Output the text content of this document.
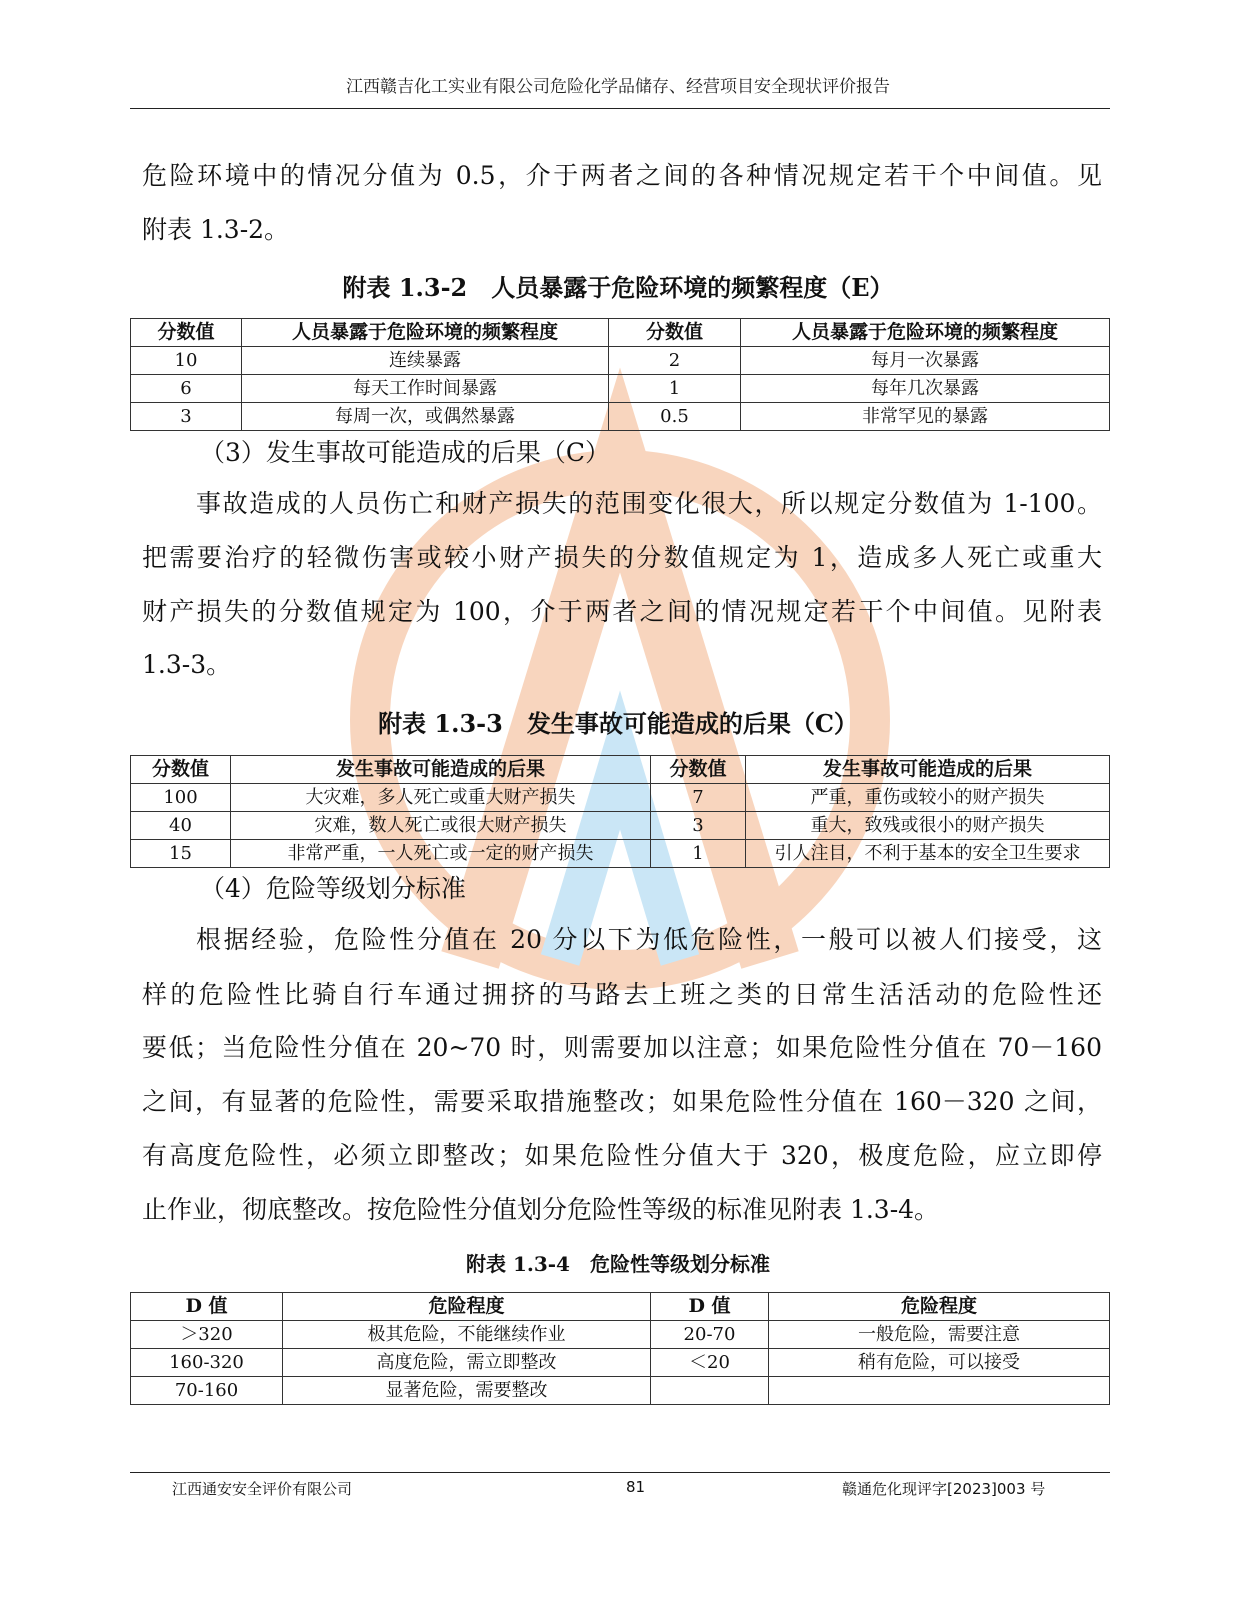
江西赣吉化工实业有限公司危险化学品储存、经营项目安全现状评价报告
危险环境中的情况分值为 0.5，介于两者之间的各种情况规定若干个中间值。见
附表 1.3-2。
附表 1.3-2　人员暴露于危险环境的频繁程度（E）
分数值	人员暴露于危险环境的频繁程度	分数值	人员暴露于危险环境的频繁程度
10	连续暴露	2	每月一次暴露
6	每天工作时间暴露	1	每年几次暴露
3	每周一次，或偶然暴露	0.5	非常罕见的暴露
（3）发生事故可能造成的后果（C）
事故造成的人员伤亡和财产损失的范围变化很大，所以规定分数值为 1-100。
把需要治疗的轻微伤害或较小财产损失的分数值规定为 1，造成多人死亡或重大
财产损失的分数值规定为 100，介于两者之间的情况规定若干个中间值。见附表
1.3-3。
附表 1.3-3　发生事故可能造成的后果（C）
分数值	发生事故可能造成的后果	分数值	发生事故可能造成的后果
100	大灾难，多人死亡或重大财产损失	7	严重，重伤或较小的财产损失
40	灾难，数人死亡或很大财产损失	3	重大，致残或很小的财产损失
15	非常严重，一人死亡或一定的财产损失	1	引人注目，不利于基本的安全卫生要求
（4）危险等级划分标准
根据经验，危险性分值在 20 分以下为低危险性，一般可以被人们接受，这
样的危险性比骑自行车通过拥挤的马路去上班之类的日常生活活动的危险性还
要低；当危险性分值在 20~70 时，则需要加以注意；如果危险性分值在 70－160
之间，有显著的危险性，需要采取措施整改；如果危险性分值在 160－320 之间，
有高度危险性，必须立即整改；如果危险性分值大于 320，极度危险，应立即停
止作业，彻底整改。按危险性分值划分危险性等级的标准见附表 1.3-4。
附表 1.3-4　危险性等级划分标准
D 值	危险程度	D 值	危险程度
＞320	极其危险，不能继续作业	20-70	一般危险，需要注意
160-320	高度危险，需立即整改	＜20	稍有危险，可以接受
70-160	显著危险，需要整改		
江西通安安全评价有限公司	81	赣通危化现评字[2023]003 号
